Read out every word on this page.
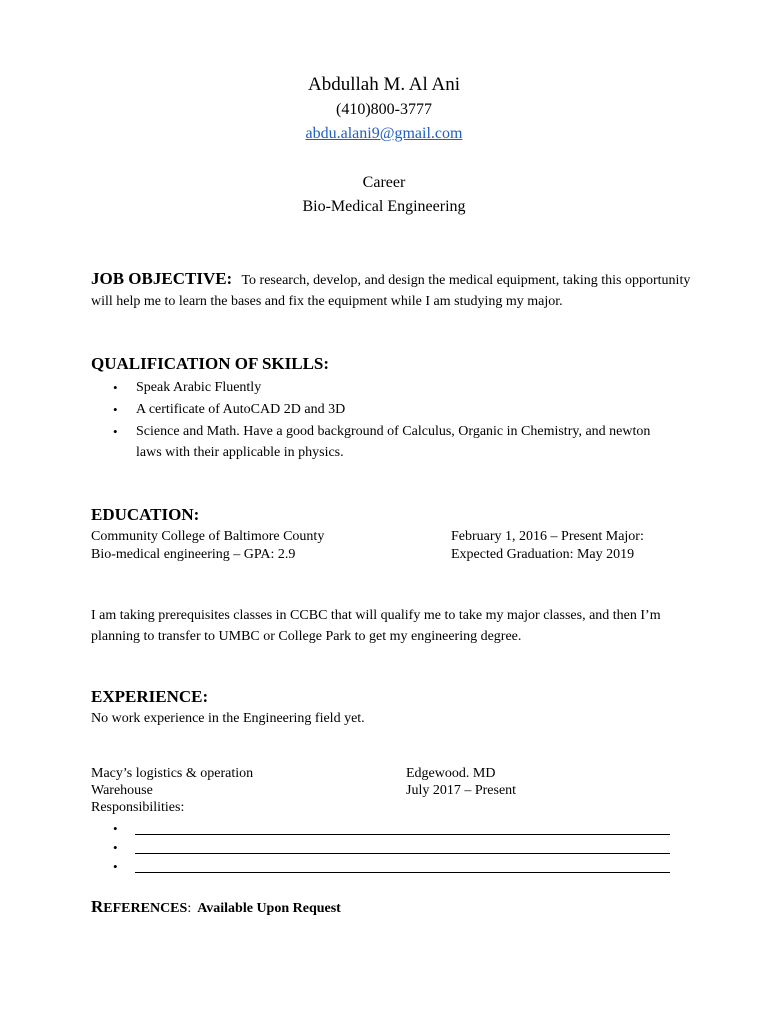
Abdullah M. Al Ani
(410)800-3777
abdu.alani9@gmail.com
Career
Bio-Medical Engineering
JOB OBJECTIVE: To research, develop, and design the medical equipment, taking this opportunity will help me to learn the bases and fix the equipment while I am studying my major.
QUALIFICATION OF SKILLS:
• Speak Arabic Fluently
• A certificate of AutoCAD 2D and 3D
• Science and Math. Have a good background of Calculus, Organic in Chemistry, and newton laws with their applicable in physics.
EDUCATION:
Community College of Baltimore County
Bio-medical engineering – GPA: 2.9
February 1, 2016 – Present Major:
Expected Graduation: May 2019
I am taking prerequisites classes in CCBC that will qualify me to take my major classes, and then I’m planning to transfer to UMBC or College Park to get my engineering degree.
EXPERIENCE:
No work experience in the Engineering field yet.
Macy’s logistics & operation
Warehouse
Responsibilities:
Edgewood. MD
July 2017 – Present
•
•
•
REFERENCES: Available Upon Request
